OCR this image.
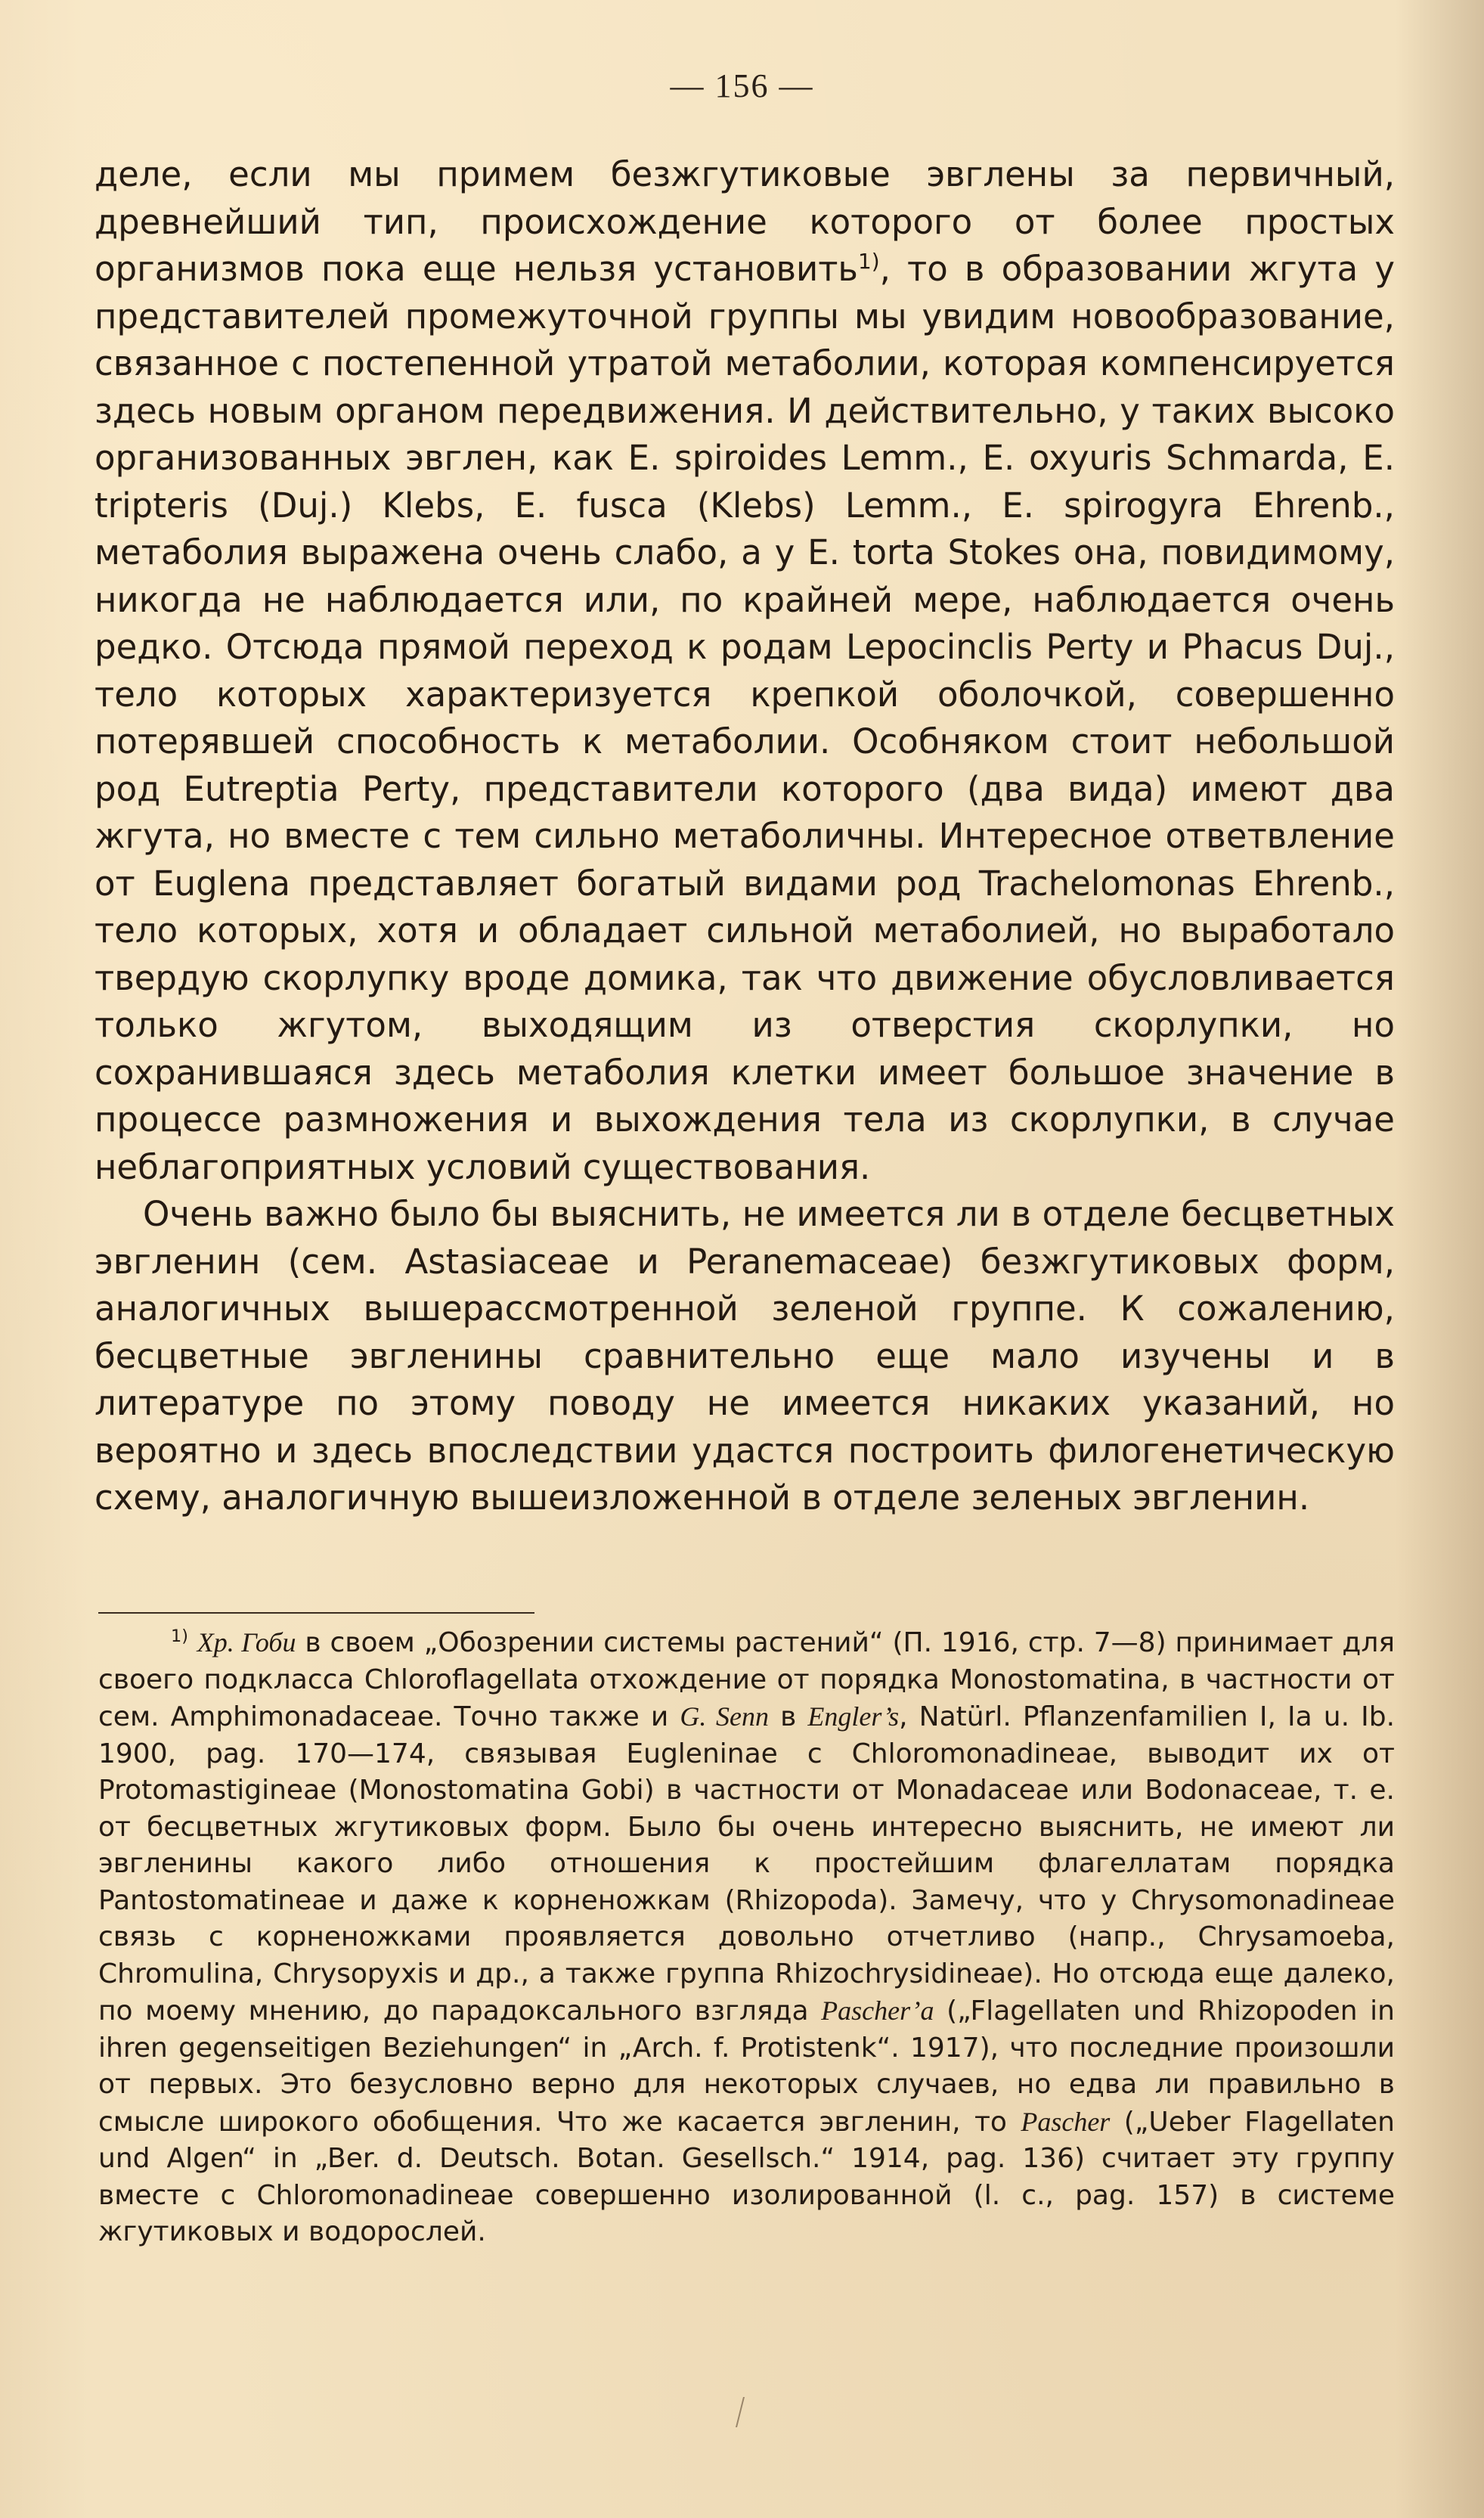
— 156 —

деле, если мы примем безжгутиковые эвглены за первичный, древнейший тип, происхождение которого от более простых организмов пока еще нельзя установить$^{1)}$, то в образовании жгута у представителей промежуточной группы мы увидим новообразование, связанное с постепенной утратой метаболии, которая компенсируется здесь новым органом передвижения. И действительно, у таких высоко организованных эвглен, как E. spiroides Lemm., E. oxyuris Schmarda, E. tripteris (Duj.) Klebs, E. fusca (Klebs) Lemm., E. spirogyra Ehrenb., метаболия выражена очень слабо, а у E. torta Stokes она, повидимому, никогда не наблюдается или, по крайней мере, наблюдается очень редко. Отсюда прямой переход к родам Lepocinclis Perty и Phacus Duj., тело которых характеризуется крепкой оболочкой, совершенно потерявшей способность к метаболии. Особняком стоит небольшой род Eutreptia Perty, представители которого (два вида) имеют два жгута, но вместе с тем сильно метаболичны. Интересное ответвление от Euglena представляет богатый видами род Trachelomonas Ehrenb., тело которых, хотя и обладает сильной метаболией, но выработало твердую скорлупку вроде домика, так что движение обусловливается только жгутом, выходящим из отверстия скорлупки, но сохранившаяся здесь метаболия клетки имеет большое значение в процессе размножения и выхождения тела из скорлупки, в случае неблагоприятных условий существования.

Очень важно было бы выяснить, не имеется ли в отделе бесцветных эвгленин (сем. Astasiaceae и Peranemaceae) безжгутиковых форм, аналогичных вышерассмотренной зеленой группе. К сожалению, бесцветные эвгленины сравнительно еще мало изучены и в литературе по этому поводу не имеется никаких указаний, но вероятно и здесь впоследствии удастся построить филогенетическую схему, аналогичную вышеизложенной в отделе зеленых эвгленин.

$^{1)}$ Хр. Гоби в своем „Обозрении системы растений“ (П. 1916, стр. 7—8) принимает для своего подкласса Chloroflagellata отхождение от порядка Monostomatina, в частности от сем. Amphimonadaceae. Точно также и G. Senn в Engler’s, Natürl. Pflanzenfamilien I, Ia u. Ib. 1900, pag. 170—174, связывая Eugleninae с Chloromonadineae, выводит их от Protomastigineae (Monostomatina Gobi) в частности от Monadaceae или Bodonaceae, т. е. от бесцветных жгутиковых форм. Было бы очень интересно выяснить, не имеют ли эвгленины какого либо отношения к простейшим флагеллатам порядка Pantostomatineae и даже к корненожкам (Rhizopoda). Замечу, что у Chrysomonadineae связь с корненожками проявляется довольно отчетливо (напр., Chrysamoeba, Chromulina, Chrysopyxis и др., а также группа Rhizochrysidineae). Но отсюда еще далеко, по моему мнению, до парадоксального взгляда Pascher’a („Flagellaten und Rhizopoden in ihren gegenseitigen Beziehungen“ in „Arch. f. Protistenk“. 1917), что последние произошли от первых. Это безусловно верно для некоторых случаев, но едва ли правильно в смысле широкого обобщения. Что же касается эвгленин, то Pascher („Ueber Flagellaten und Algen“ in „Ber. d. Deutsch. Botan. Gesellsch.“ 1914, pag. 136) считает эту группу вместе с Chloromonadineae совершенно изолированной (l. c., pag. 157) в системе жгутиковых и водорослей.
